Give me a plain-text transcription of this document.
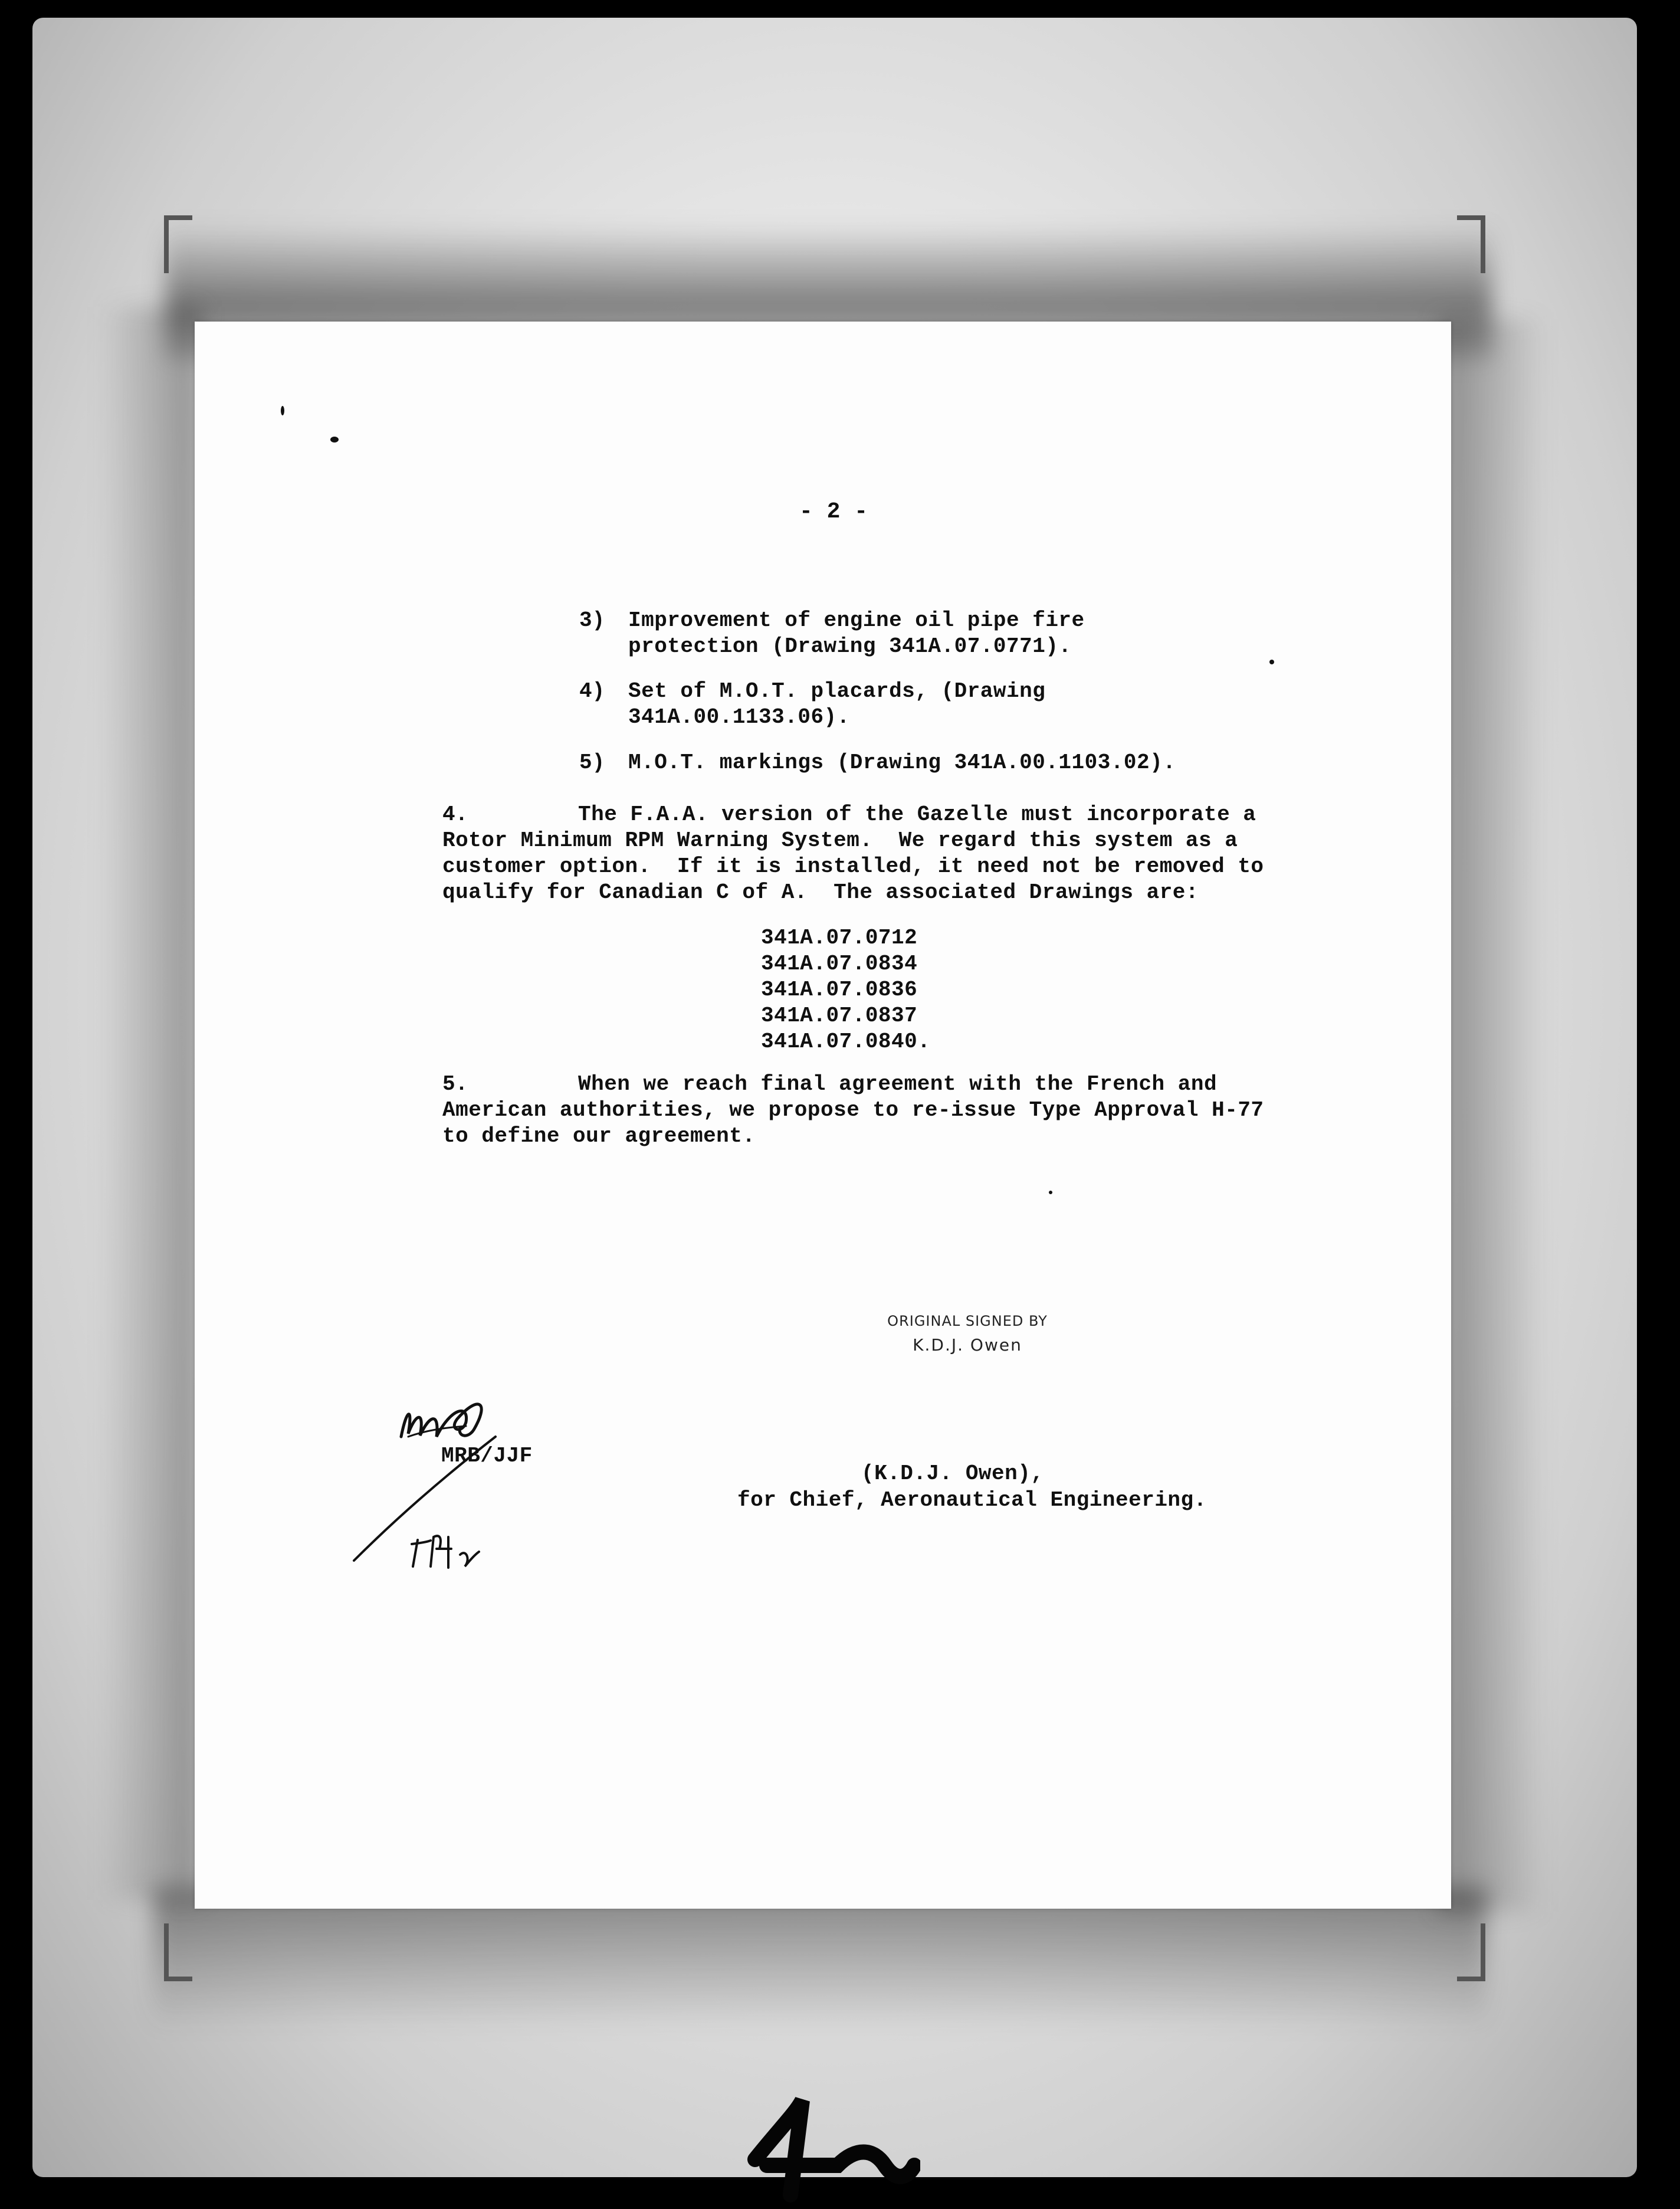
- 2 -
3) Improvement of engine oil pipe fire
protection (Drawing 341A.07.0771).
4) Set of M.O.T. placards, (Drawing
341A.00.1133.06).
5) M.O.T. markings (Drawing 341A.00.1103.02).
4.	The F.A.A. version of the Gazelle must incorporate a
Rotor Minimum RPM Warning System.  We regard this system as a
customer option.  If it is installed, it need not be removed to
qualify for Canadian C of A.  The associated Drawings are:
341A.07.0712
341A.07.0834
341A.07.0836
341A.07.0837
341A.07.0840.
5.	When we reach final agreement with the French and
American authorities, we propose to re-issue Type Approval H-77
to define our agreement.
ORIGINAL SIGNED BY
K.D.J. Owen
(K.D.J. Owen),
for Chief, Aeronautical Engineering.
MRB/JJF
